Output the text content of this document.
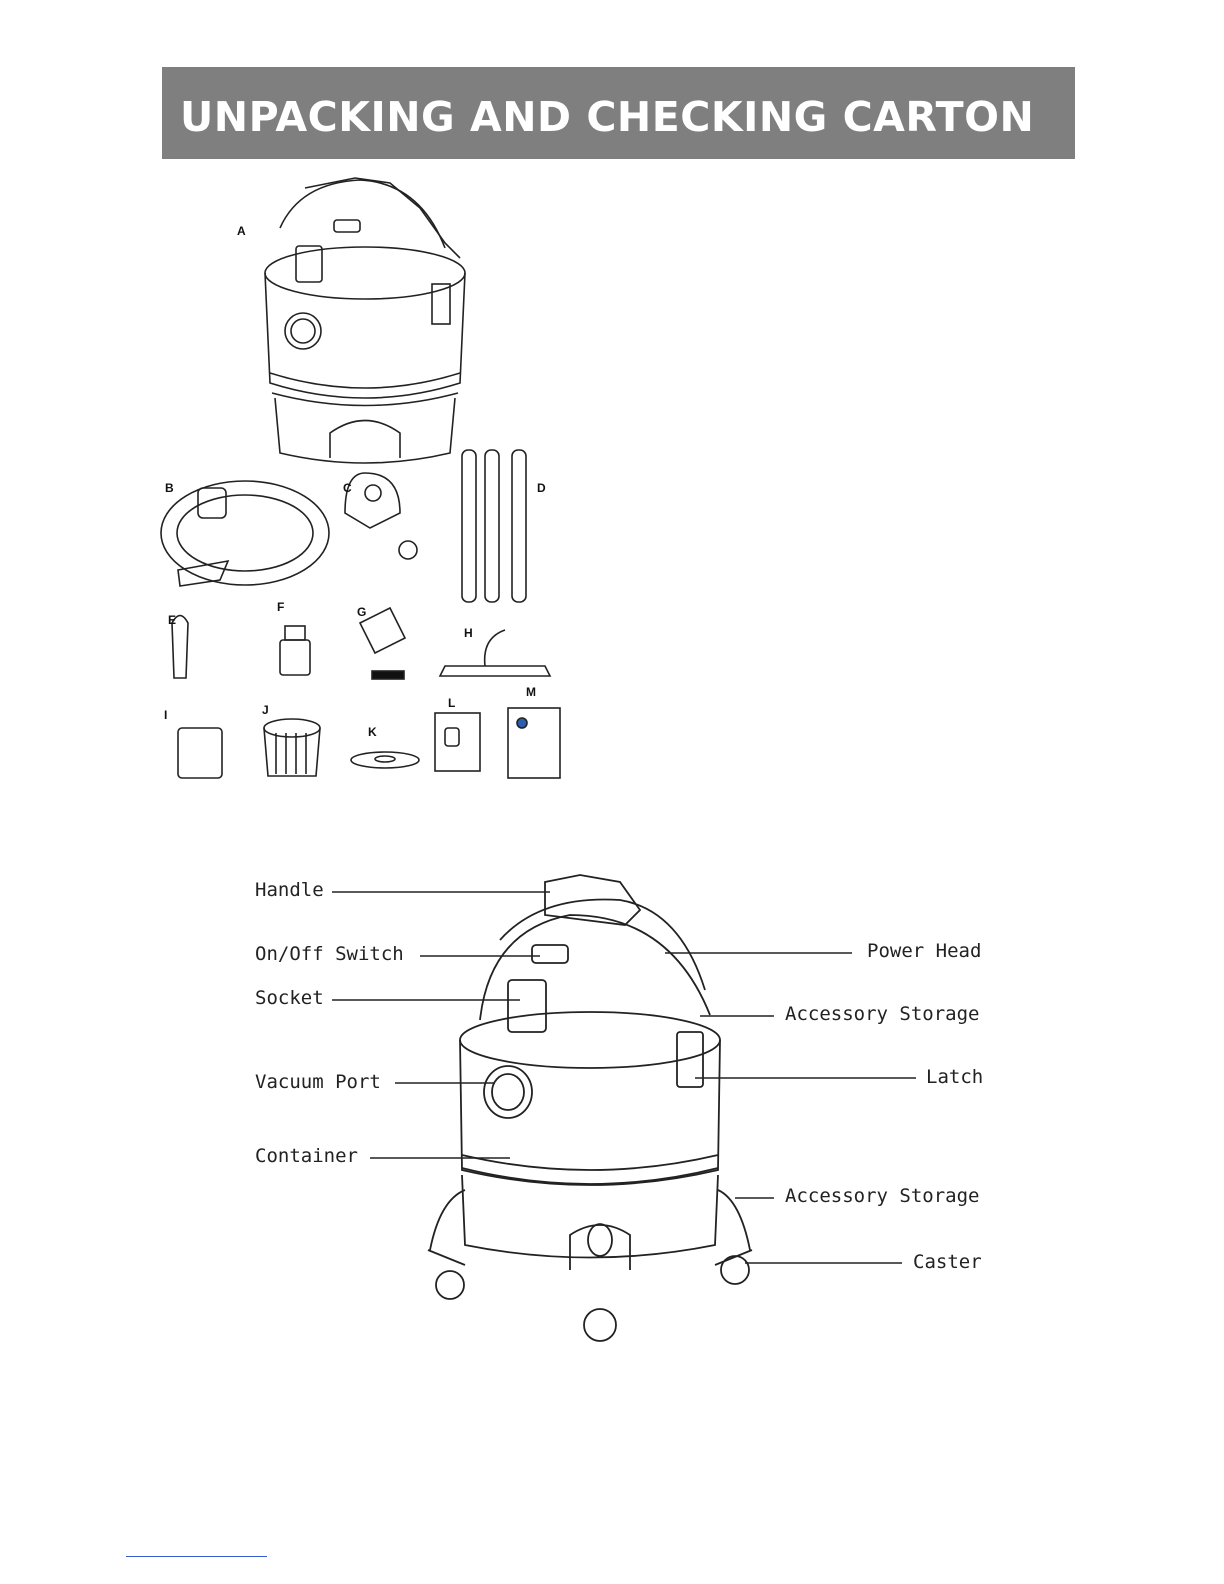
UNPACKING AND CHECKING CARTON
A
B	C	D
E
F	G
H
I	J
K
L
M
Handle
On/Off Switch
Socket
Vacuum Port
Container
Power Head
Accessory Storage
Latch
Accessory Storage
Caster
